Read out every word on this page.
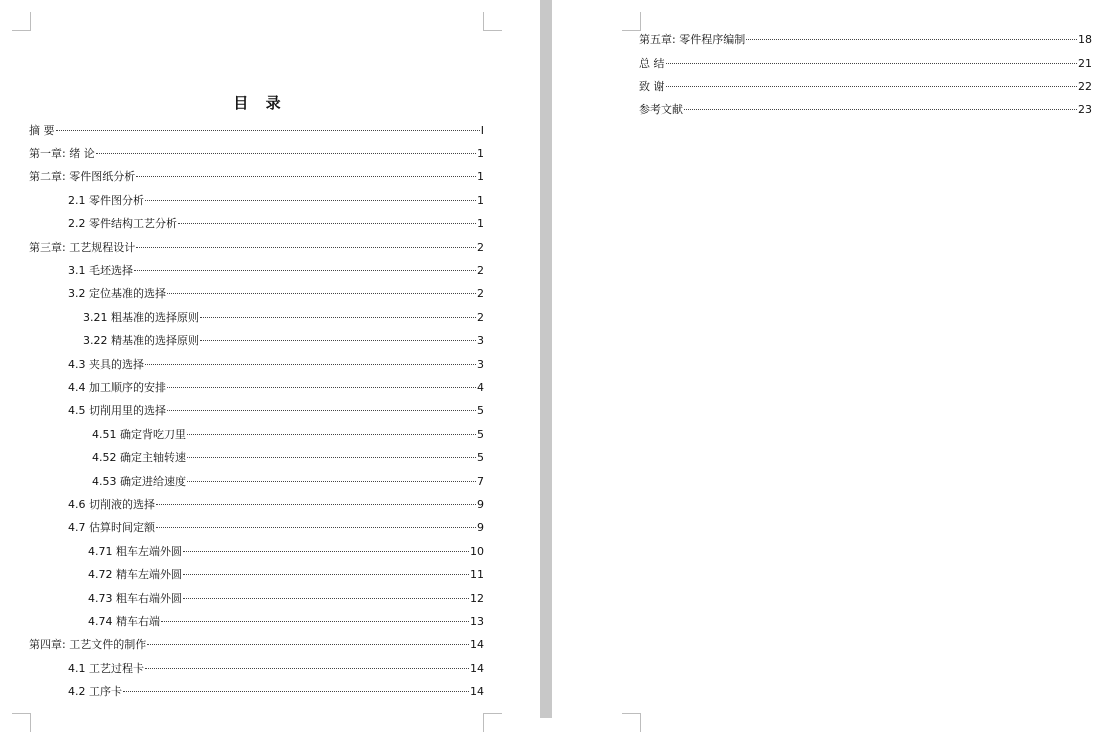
目 录
摘 要	I
第一章: 绪 论	1
第二章: 零件图纸分析	1
2.1 零件图分析	1
2.2 零件结构工艺分析	1
第三章: 工艺规程设计	2
3.1 毛坯选择	2
3.2 定位基准的选择	2
3.21 粗基准的选择原则	2
3.22 精基准的选择原则	3
4.3 夹具的选择	3
4.4 加工顺序的安排	4
4.5 切削用里的选择	5
4.51 确定背吃刀里	5
4.52 确定主轴转速	5
4.53 确定进给速度	7
4.6 切削液的选择	9
4.7 估算时间定额	9
4.71 粗车左端外圆	10
4.72 精车左端外圆	11
4.73 粗车右端外圆	12
4.74 精车右端	13
第四章: 工艺文件的制作	14
4.1 工艺过程卡	14
4.2 工序卡	14
第五章: 零件程序编制	18
总 结	21
致 谢	22
参考文献	23
